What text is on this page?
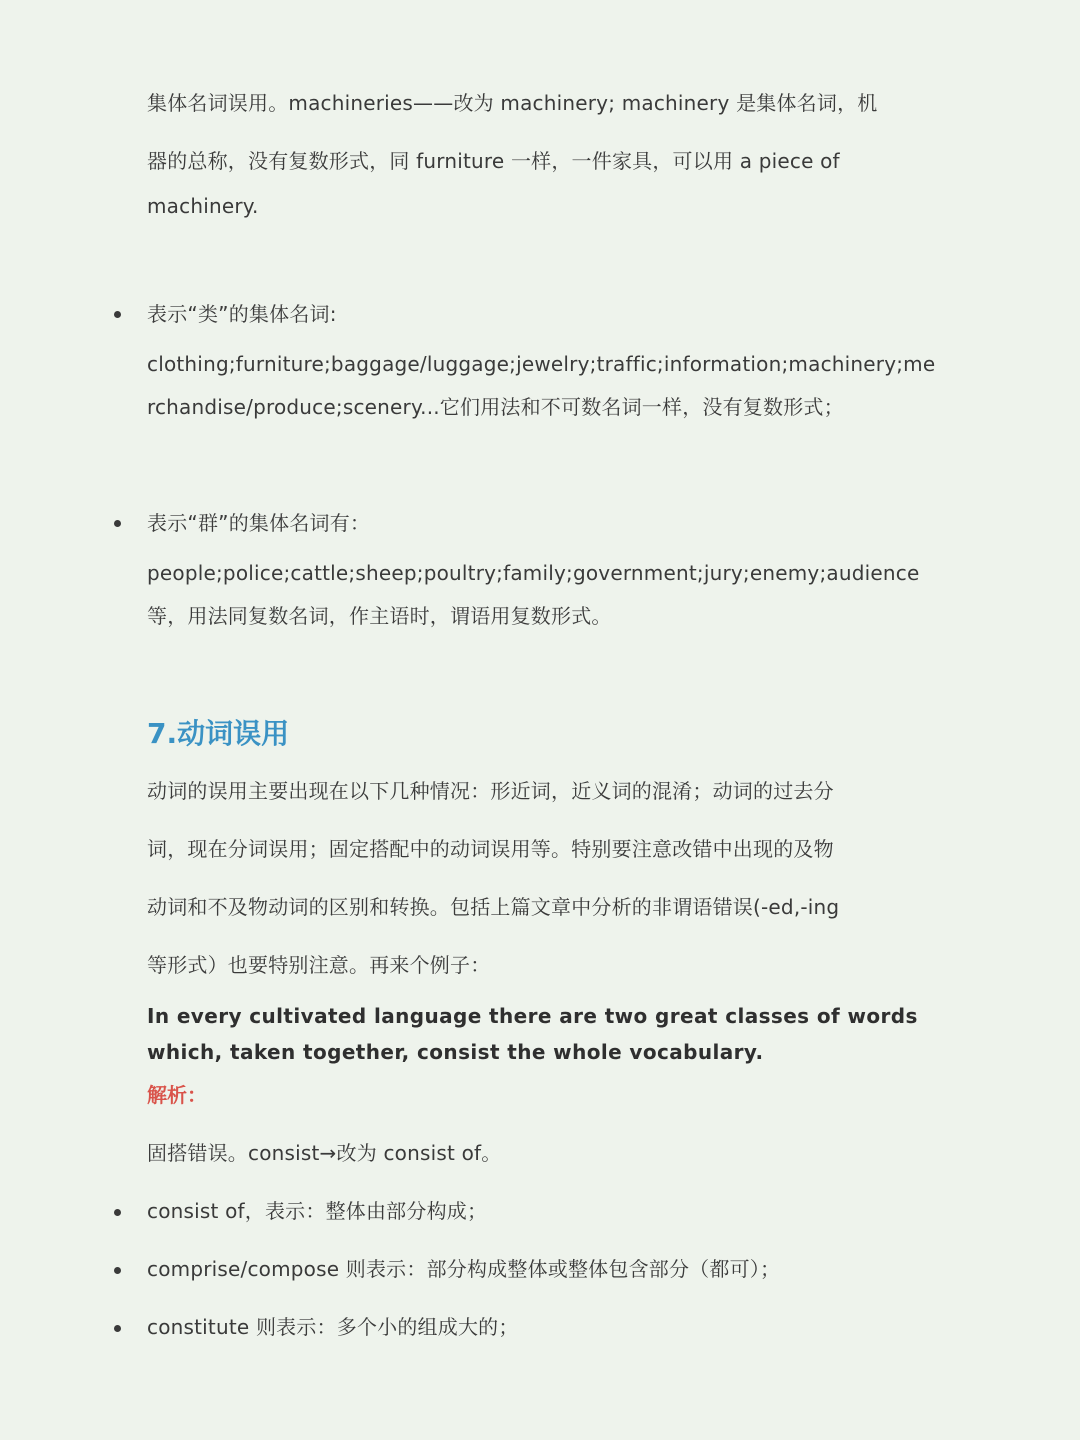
集体名词误用。machineries——改为 machinery; machinery 是集体名词，机
器的总称，没有复数形式，同 furniture 一样，一件家具，可以用 a piece of
machinery.
表示“类”的集体名词:
clothing;furniture;baggage/luggage;jewelry;traffic;information;machinery;me
rchandise/produce;scenery...它们用法和不可数名词一样，没有复数形式；
表示“群”的集体名词有：
people;police;cattle;sheep;poultry;family;government;jury;enemy;audience
等，用法同复数名词，作主语时，谓语用复数形式。
7.动词误用
动词的误用主要出现在以下几种情况：形近词，近义词的混淆；动词的过去分
词，现在分词误用；固定搭配中的动词误用等。特别要注意改错中出现的及物
动词和不及物动词的区别和转换。包括上篇文章中分析的非谓语错误(-ed,-ing
等形式）也要特别注意。再来个例子：
In every cultivated language there are two great classes of words
which, taken together, consist the whole vocabulary.
解析：
固搭错误。consist→改为 consist of。
consist of，表示：整体由部分构成；
comprise/compose 则表示：部分构成整体或整体包含部分（都可）；
constitute 则表示：多个小的组成大的；
